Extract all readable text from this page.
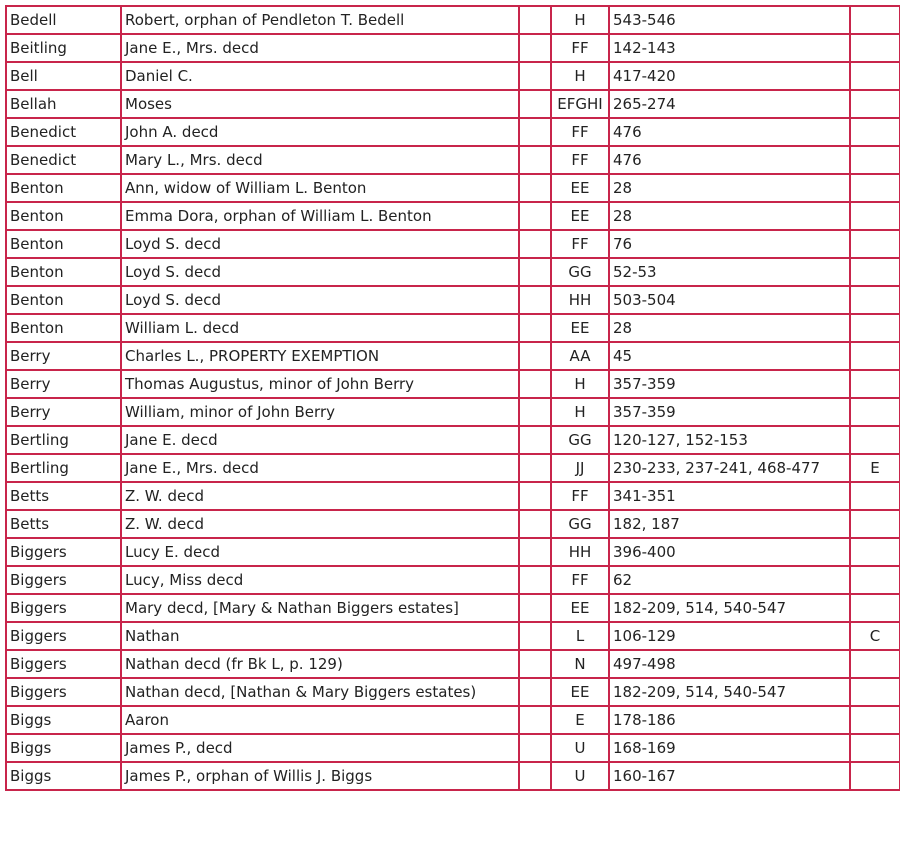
Bedell	Robert, orphan of Pendleton T. Bedell		H	543-546	
Beitling	Jane E., Mrs. decd		FF	142-143	
Bell	Daniel C.		H	417-420	
Bellah	Moses		EFGHI	265-274	
Benedict	John A. decd		FF	476	
Benedict	Mary L., Mrs. decd		FF	476	
Benton	Ann, widow of William L. Benton		EE	28	
Benton	Emma Dora, orphan of William L. Benton		EE	28	
Benton	Loyd S. decd		FF	76	
Benton	Loyd S. decd		GG	52-53	
Benton	Loyd S. decd		HH	503-504	
Benton	William L. decd		EE	28	
Berry	Charles L., PROPERTY EXEMPTION		AA	45	
Berry	Thomas Augustus, minor of John Berry		H	357-359	
Berry	William, minor of John Berry		H	357-359	
Bertling	Jane E. decd		GG	120-127, 152-153	
Bertling	Jane E., Mrs. decd		JJ	230-233, 237-241, 468-477	E
Betts	Z. W. decd		FF	341-351	
Betts	Z. W. decd		GG	182, 187	
Biggers	Lucy E. decd		HH	396-400	
Biggers	Lucy, Miss decd		FF	62	
Biggers	Mary decd, [Mary & Nathan Biggers estates]		EE	182-209, 514, 540-547	
Biggers	Nathan		L	106-129	C
Biggers	Nathan decd (fr Bk L, p. 129)		N	497-498	
Biggers	Nathan decd, [Nathan & Mary Biggers estates)		EE	182-209, 514, 540-547	
Biggs	Aaron		E	178-186	
Biggs	James P., decd		U	168-169	
Biggs	James P., orphan of Willis J. Biggs		U	160-167	
